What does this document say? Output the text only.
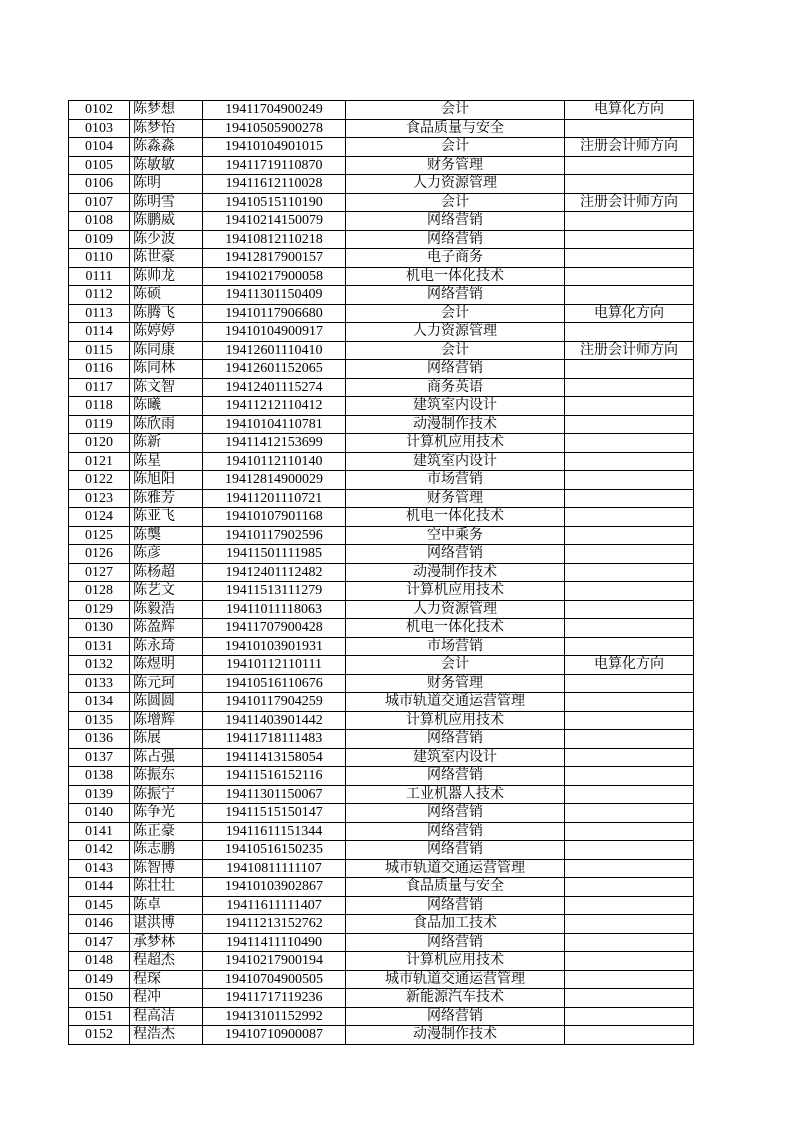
0102	陈梦想	19411704900249	会计	电算化方向
0103	陈梦怡	19410505900278	食品质量与安全	
0104	陈淼淼	19410104901015	会计	注册会计师方向
0105	陈敏敏	19411719110870	财务管理	
0106	陈明	19411612110028	人力资源管理	
0107	陈明雪	19410515110190	会计	注册会计师方向
0108	陈鹏威	19410214150079	网络营销	
0109	陈少波	19410812110218	网络营销	
0110	陈世豪	19412817900157	电子商务	
0111	陈帅龙	19410217900058	机电一体化技术	
0112	陈硕	19411301150409	网络营销	
0113	陈腾飞	19410117906680	会计	电算化方向
0114	陈婷婷	19410104900917	人力资源管理	
0115	陈同康	19412601110410	会计	注册会计师方向
0116	陈同林	19412601152065	网络营销	
0117	陈文智	19412401115274	商务英语	
0118	陈曦	19411212110412	建筑室内设计	
0119	陈欣雨	19410104110781	动漫制作技术	
0120	陈新	19411412153699	计算机应用技术	
0121	陈星	19410112110140	建筑室内设计	
0122	陈旭阳	19412814900029	市场营销	
0123	陈雅芳	19411201110721	财务管理	
0124	陈亚飞	19410107901168	机电一体化技术	
0125	陈龑	19410117902596	空中乘务	
0126	陈彦	19411501111985	网络营销	
0127	陈杨超	19412401112482	动漫制作技术	
0128	陈艺文	19411513111279	计算机应用技术	
0129	陈毅浩	19411011118063	人力资源管理	
0130	陈盈辉	19411707900428	机电一体化技术	
0131	陈永琦	19410103901931	市场营销	
0132	陈煜明	19410112110111	会计	电算化方向
0133	陈元珂	19410516110676	财务管理	
0134	陈圆圆	19410117904259	城市轨道交通运营管理	
0135	陈增辉	19411403901442	计算机应用技术	
0136	陈展	19411718111483	网络营销	
0137	陈占强	19411413158054	建筑室内设计	
0138	陈振东	19411516152116	网络营销	
0139	陈振宁	19411301150067	工业机器人技术	
0140	陈争光	19411515150147	网络营销	
0141	陈正豪	19411611151344	网络营销	
0142	陈志鹏	19410516150235	网络营销	
0143	陈智博	19410811111107	城市轨道交通运营管理	
0144	陈壮壮	19410103902867	食品质量与安全	
0145	陈卓	19411611111407	网络营销	
0146	谌洪博	19411213152762	食品加工技术	
0147	承梦林	19411411110490	网络营销	
0148	程超杰	19410217900194	计算机应用技术	
0149	程琛	19410704900505	城市轨道交通运营管理	
0150	程冲	19411717119236	新能源汽车技术	
0151	程高洁	19413101152992	网络营销	
0152	程浩杰	19410710900087	动漫制作技术	
